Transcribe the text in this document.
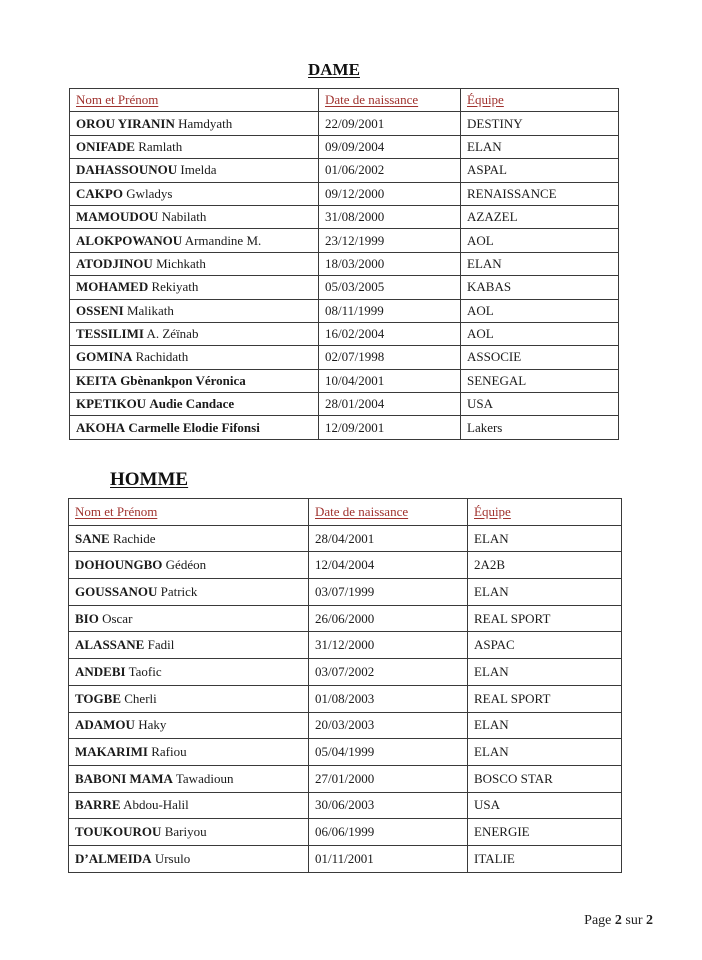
DAME
Nom et Prénom	Date de naissance	Équipe
OROU YIRANIN Hamdyath	22/09/2001	DESTINY
ONIFADE Ramlath	09/09/2004	ELAN
DAHASSOUNOU Imelda	01/06/2002	ASPAL
CAKPO Gwladys	09/12/2000	RENAISSANCE
MAMOUDOU Nabilath	31/08/2000	AZAZEL
ALOKPOWANOU Armandine M.	23/12/1999	AOL
ATODJINOU Michkath	18/03/2000	ELAN
MOHAMED Rekiyath	05/03/2005	KABAS
OSSENI Malikath	08/11/1999	AOL
TESSILIMI A. Zéïnab	16/02/2004	AOL
GOMINA Rachidath	02/07/1998	ASSOCIE
KEITA Gbènankpon Véronica	10/04/2001	SENEGAL
KPETIKOU Audie Candace	28/01/2004	USA
AKOHA Carmelle Elodie Fifonsi	12/09/2001	Lakers
HOMME
Nom et Prénom	Date de naissance	Équipe
SANE Rachide	28/04/2001	ELAN
DOHOUNGBO Gédéon	12/04/2004	2A2B
GOUSSANOU Patrick	03/07/1999	ELAN
BIO Oscar	26/06/2000	REAL SPORT
ALASSANE Fadil	31/12/2000	ASPAC
ANDEBI Taofic	03/07/2002	ELAN
TOGBE Cherli	01/08/2003	REAL SPORT
ADAMOU Haky	20/03/2003	ELAN
MAKARIMI Rafiou	05/04/1999	ELAN
BABONI MAMA Tawadioun	27/01/2000	BOSCO STAR
BARRE Abdou-Halil	30/06/2003	USA
TOUKOUROU Bariyou	06/06/1999	ENERGIE
D’ALMEIDA Ursulo	01/11/2001	ITALIE
Page 2 sur 2
